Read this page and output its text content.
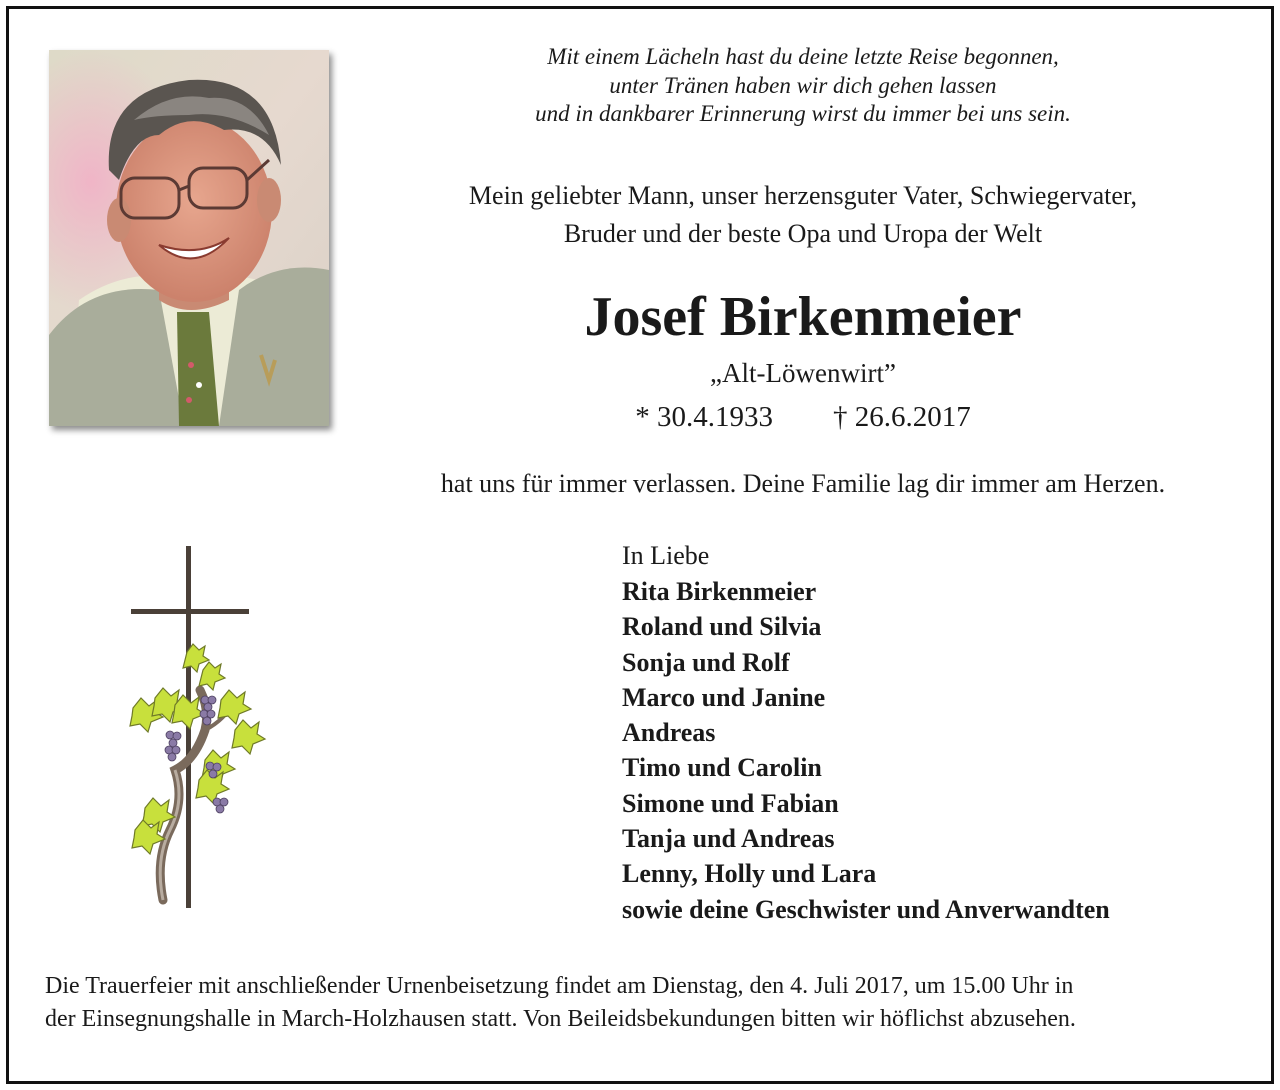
Mit einem Lächeln hast du deine letzte Reise begonnen,
unter Tränen haben wir dich gehen lassen
und in dankbarer Erinnerung wirst du immer bei uns sein.
Mein geliebter Mann, unser herzensguter Vater, Schwiegervater,
Bruder und der beste Opa und Uropa der Welt
Josef Birkenmeier
„Alt-Löwenwirt”
* 30.4.1933 † 26.6.2017
hat uns für immer verlassen. Deine Familie lag dir immer am Herzen.
In Liebe
Rita Birkenmeier
Roland und Silvia
Sonja und Rolf
Marco und Janine
Andreas
Timo und Carolin
Simone und Fabian
Tanja und Andreas
Lenny, Holly und Lara
sowie deine Geschwister und Anverwandten
Die Trauerfeier mit anschließender Urnenbeisetzung findet am Dienstag, den 4. Juli 2017, um 15.00 Uhr in
der Einsegnungshalle in March-Holzhausen statt. Von Beileidsbekundungen bitten wir höflichst abzusehen.
